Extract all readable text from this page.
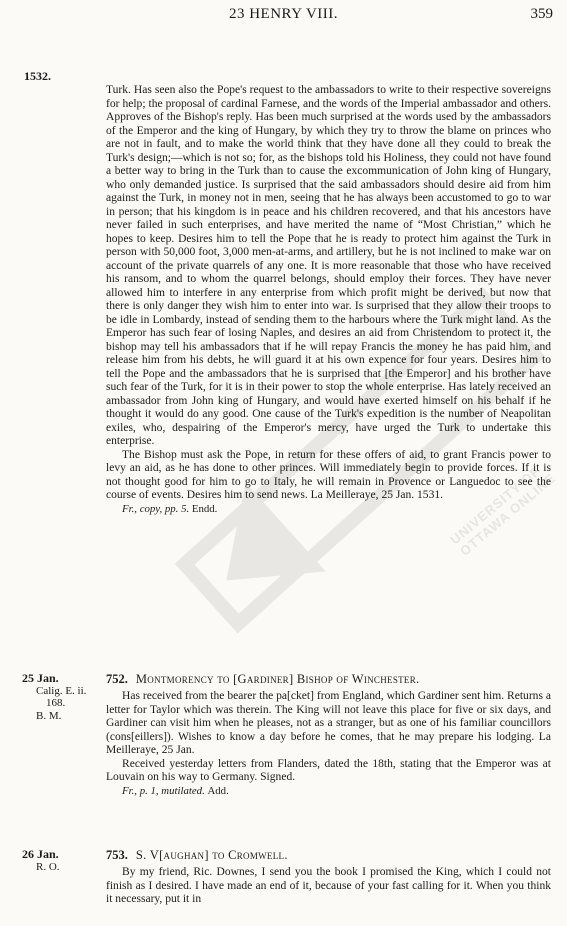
UNIVERSITY OF OTTAWA ONLINE
23 HENRY VIII.	359
1532.

Turk. Has seen also the Pope's request to the ambassadors to write to their respective sovereigns for help; the proposal of cardinal Farnese, and the words of the Imperial ambassador and others. Approves of the Bishop's reply. Has been much surprised at the words used by the ambassadors of the Emperor and the king of Hungary, by which they try to throw the blame on princes who are not in fault, and to make the world think that they have done all they could to break the Turk's design;—which is not so; for, as the bishops told his Holiness, they could not have found a better way to bring in the Turk than to cause the excommunication of John king of Hungary, who only demanded justice. Is surprised that the said ambassadors should desire aid from him against the Turk, in money not in men, seeing that he has always been accustomed to go to war in person; that his kingdom is in peace and his children recovered, and that his ancestors have never failed in such enterprises, and have merited the name of “Most Christian,” which he hopes to keep. Desires him to tell the Pope that he is ready to protect him against the Turk in person with 50,000 foot, 3,000 men-at-arms, and artillery, but he is not inclined to make war on account of the private quarrels of any one. It is more reasonable that those who have received his ransom, and to whom the quarrel belongs, should employ their forces. They have never allowed him to interfere in any enterprise from which profit might be derived, but now that there is only danger they wish him to enter into war. Is surprised that they allow their troops to be idle in Lombardy, instead of sending them to the harbours where the Turk might land. As the Emperor has such fear of losing Naples, and desires an aid from Christendom to protect it, the bishop may tell his ambassadors that if he will repay Francis the money he has paid him, and release him from his debts, he will guard it at his own expence for four years. Desires him to tell the Pope and the ambassadors that he is surprised that [the Emperor] and his brother have such fear of the Turk, for it is in their power to stop the whole enterprise. Has lately received an ambassador from John king of Hungary, and would have exerted himself on his behalf if he thought it would do any good. One cause of the Turk's expedition is the number of Neapolitan exiles, who, despairing of the Emperor's mercy, have urged the Turk to undertake this enterprise.

The Bishop must ask the Pope, in return for these offers of aid, to grant Francis power to levy an aid, as he has done to other princes. Will immediately begin to provide forces. If it is not thought good for him to go to Italy, he will remain in Provence or Languedoc to see the course of events. Desires him to send news. La Meilleraye, 25 Jan. 1531.

Fr., copy, pp. 5. Endd.

25 Jan.
Calig. E. ii.
168.
B. M.
752. Montmorency to [Gardiner] Bishop of Winchester.

Has received from the bearer the pa[cket] from England, which Gardiner sent him. Returns a letter for Taylor which was therein. The King will not leave this place for five or six days, and Gardiner can visit him when he pleases, not as a stranger, but as one of his familiar councillors (cons[eillers]). Wishes to know a day before he comes, that he may prepare his lodging. La Meilleraye, 25 Jan.

Received yesterday letters from Flanders, dated the 18th, stating that the Emperor was at Louvain on his way to Germany. Signed.

Fr., p. 1, mutilated. Add.

26 Jan.
R. O.
753. S. V[aughan] to Cromwell.

By my friend, Ric. Downes, I send you the book I promised the King, which I could not finish as I desired. I have made an end of it, because of your fast calling for it. When you think it necessary, put it in
